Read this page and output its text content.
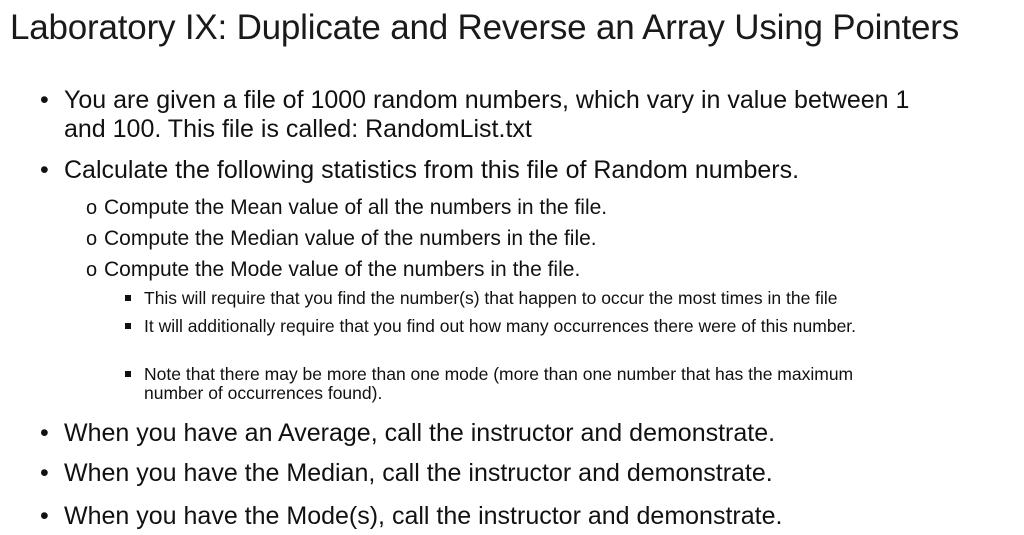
Laboratory IX: Duplicate and Reverse an Array Using Pointers
• You are given a file of 1000 random numbers, which vary in value between 1 and 100. This file is called: RandomList.txt
• Calculate the following statistics from this file of Random numbers.
o Compute the Mean value of all the numbers in the file.
o Compute the Median value of the numbers in the file.
o Compute the Mode value of the numbers in the file.
This will require that you find the number(s) that happen to occur the most times in the file
It will additionally require that you find out how many occurrences there were of this number.
Note that there may be more than one mode (more than one number that has the maximum number of occurrences found).
• When you have an Average, call the instructor and demonstrate.
• When you have the Median, call the instructor and demonstrate.
• When you have the Mode(s), call the instructor and demonstrate.
